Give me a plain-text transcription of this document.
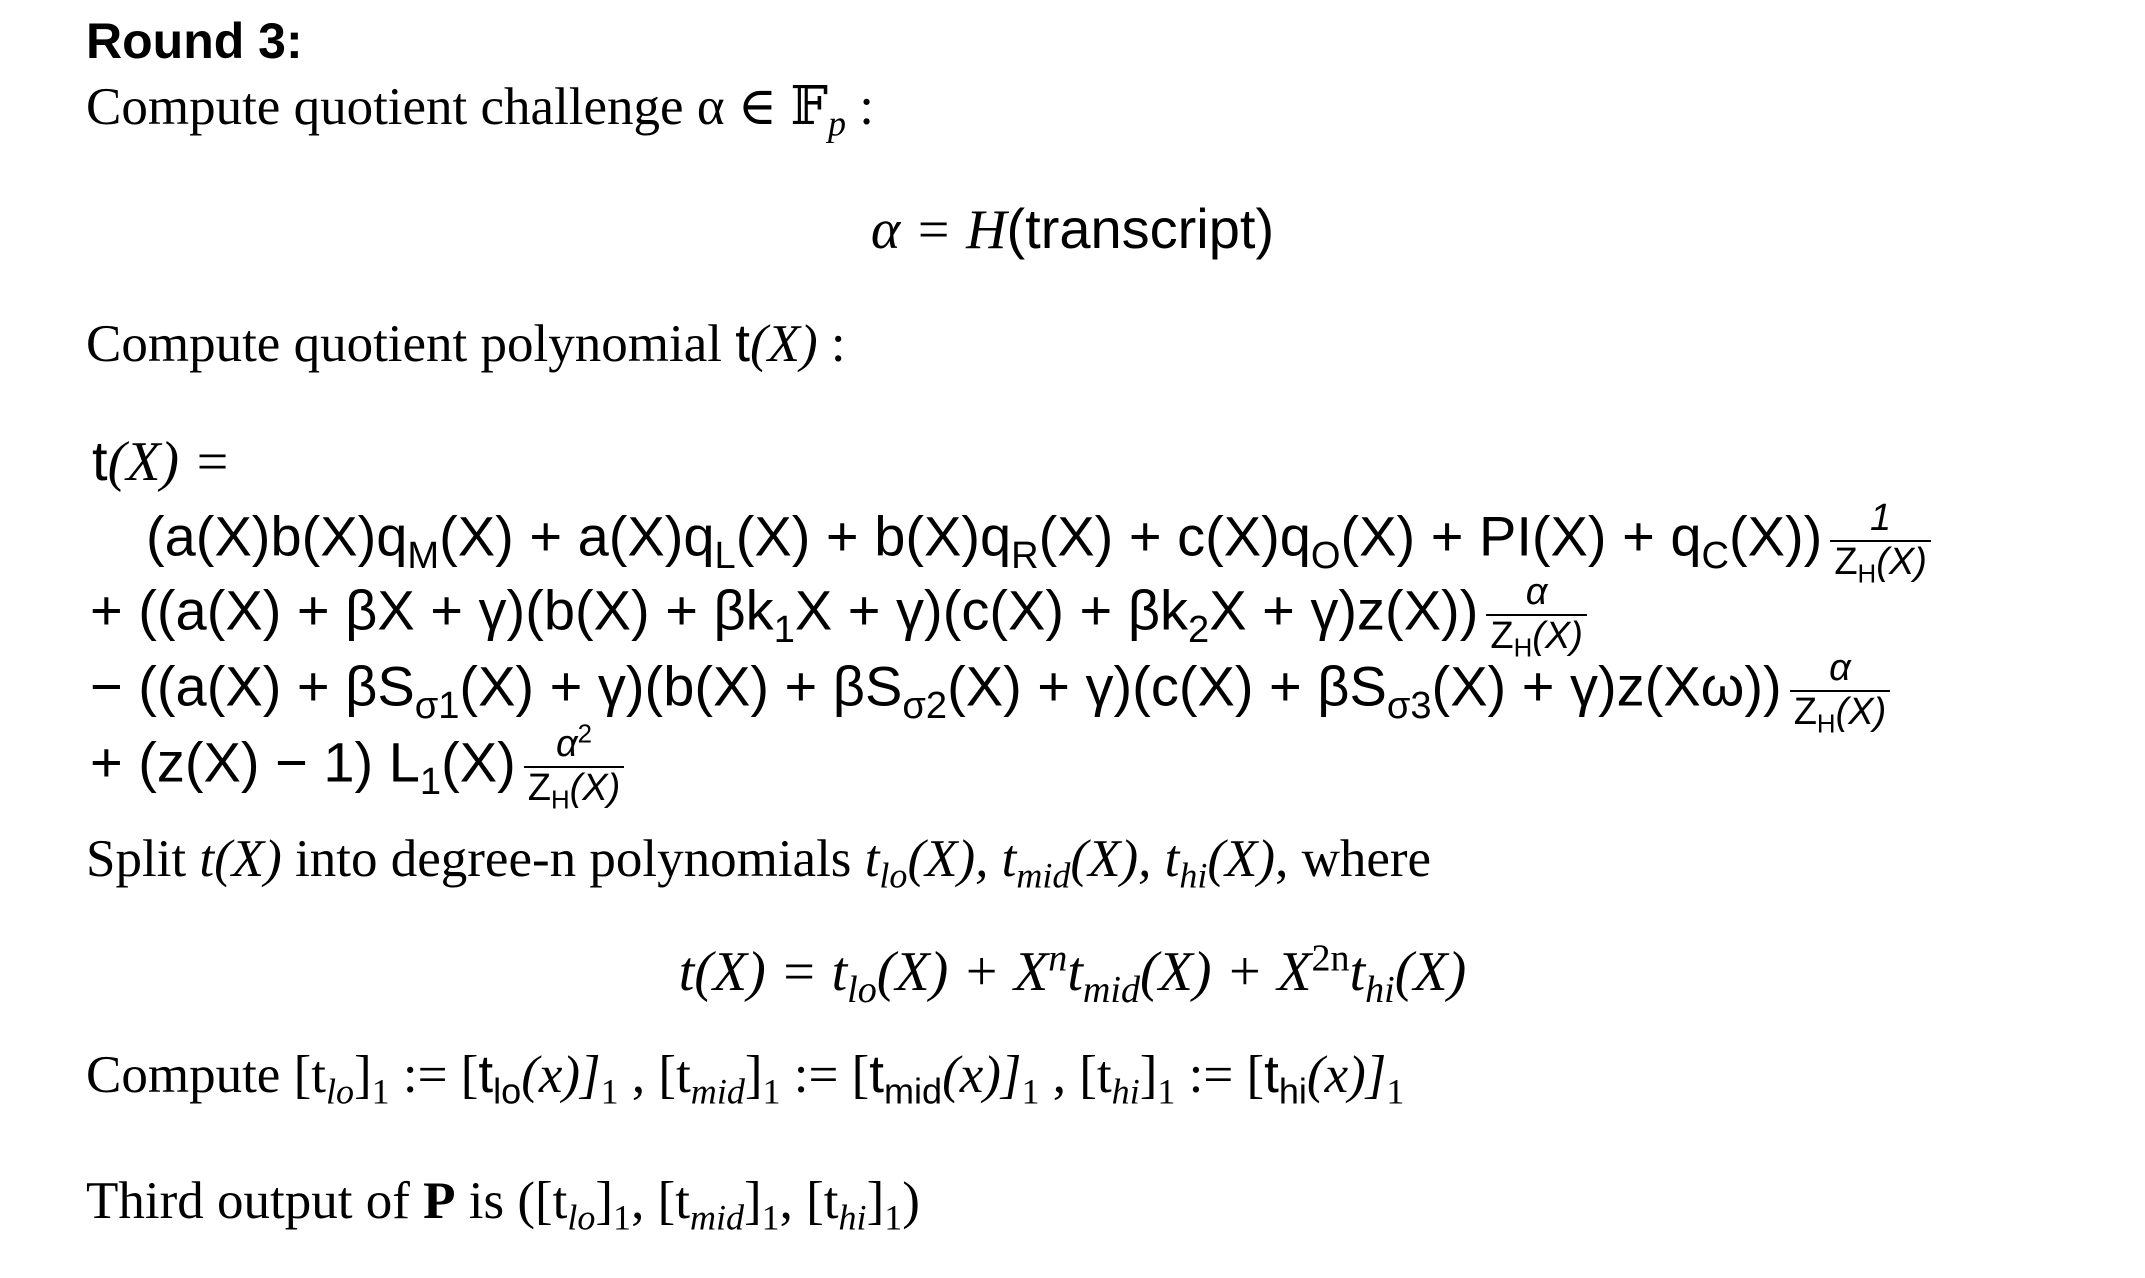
Round 3:
Compute quotient challenge α ∈ 𝔽$_p$ :
α = H(transcript)
Compute quotient polynomial t(X) :
t(X) =
$(a(X)b(X)q_M(X) + a(X)q_L(X) + b(X)q_R(X) + c(X)q_O(X) + PI(X) + q_C(X)) \frac{1}{Z_H(X)}$
+ $((a(X) + \beta X + \gamma)(b(X) + \beta k_1X + \gamma)(c(X) + \beta k_2X + \gamma)z(X)) \frac{\alpha}{Z_H(X)}$
− $((a(X) + \beta S_{\sigma 1}(X) + \gamma)(b(X) + \beta S_{\sigma 2}(X) + \gamma)(c(X) + \beta S_{\sigma 3}(X) + \gamma)z(X\omega)) \frac{\alpha}{Z_H(X)}$
+ (z(X) − 1) $L_1(X) \frac{\alpha^2}{Z_H(X)}$
Split t(X) into degree-n polynomials $t_{lo}(X)$, $t_{mid}(X)$, $t_{hi}(X)$, where
$t(X) = t_{lo}(X) + X^nt_{mid}(X) + X^{2n}t_{hi}(X)$
Compute $[t_{lo}]_1$ := $[t_{lo}(x)]_1$ , $[t_{mid}]_1$ := $[t_{mid}(x)]_1$ , $[t_{hi}]_1$ := $[t_{hi}(x)]_1$
Third output of P is ($[t_{lo}]_1$, $[t_{mid}]_1$, $[t_{hi}]_1$)
